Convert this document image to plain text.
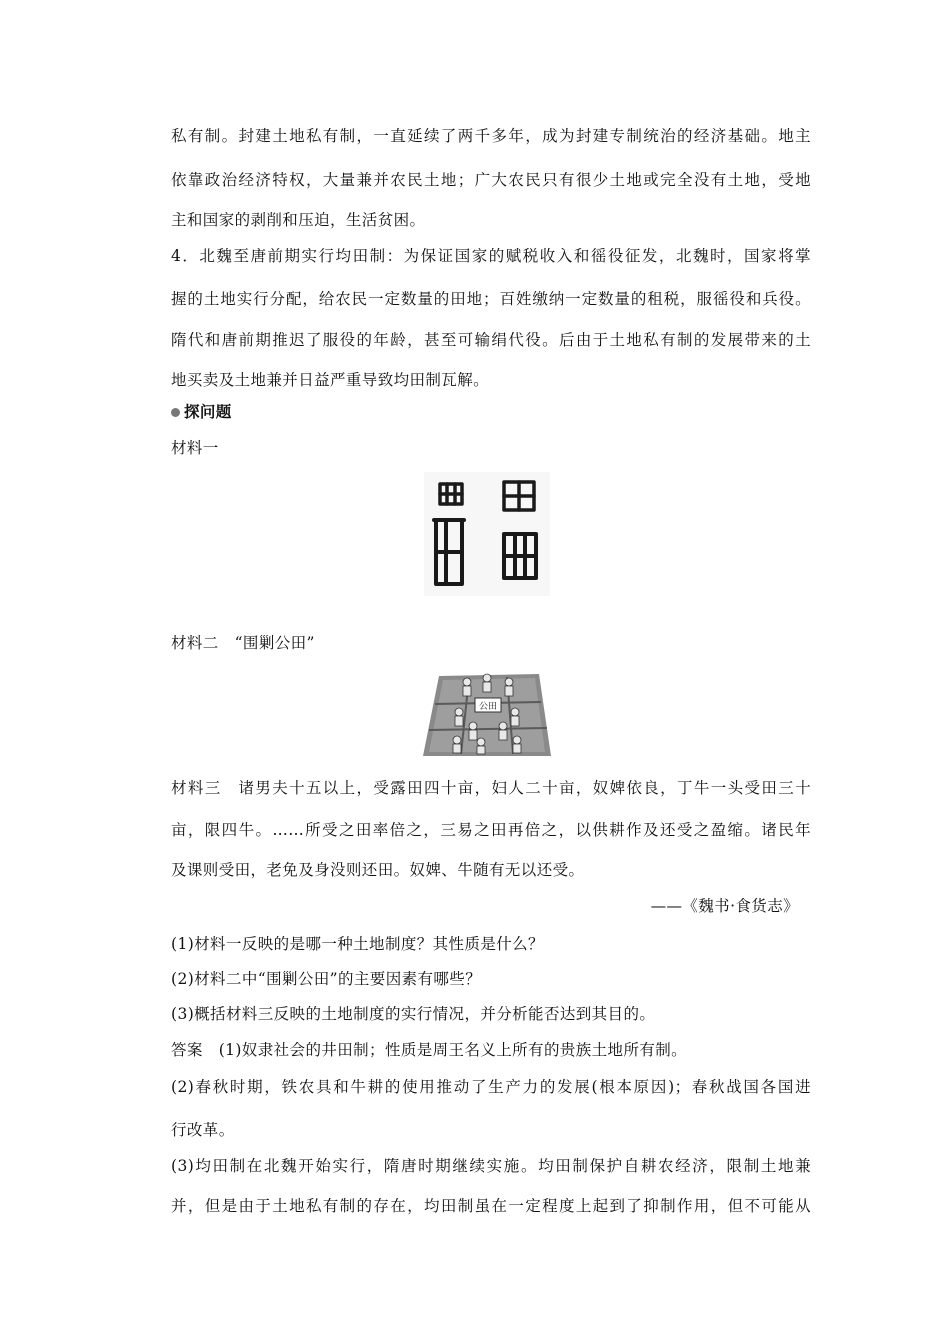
私有制。封建土地私有制，一直延续了两千多年，成为封建专制统治的经济基础。地主
依靠政治经济特权，大量兼并农民土地；广大农民只有很少土地或完全没有土地，受地
主和国家的剥削和压迫，生活贫困。
4．北魏至唐前期实行均田制：为保证国家的赋税收入和徭役征发，北魏时，国家将掌
握的土地实行分配，给农民一定数量的田地；百姓缴纳一定数量的租税，服徭役和兵役。
隋代和唐前期推迟了服役的年龄，甚至可输绢代役。后由于土地私有制的发展带来的土
地买卖及土地兼并日益严重导致均田制瓦解。
探问题
材料一
材料二　“围剿公田”
公田
材料三　诸男夫十五以上，受露田四十亩，妇人二十亩，奴婢依良，丁牛一头受田三十
亩，限四牛。……所受之田率倍之，三易之田再倍之，以供耕作及还受之盈缩。诸民年
及课则受田，老免及身没则还田。奴婢、牛随有无以还受。
——《魏书·食货志》
(1)材料一反映的是哪一种土地制度？其性质是什么？
(2)材料二中“围剿公田”的主要因素有哪些？
(3)概括材料三反映的土地制度的实行情况，并分析能否达到其目的。
答案　(1)奴隶社会的井田制；性质是周王名义上所有的贵族土地所有制。
(2)春秋时期，铁农具和牛耕的使用推动了生产力的发展(根本原因)；春秋战国各国进
行改革。
(3)均田制在北魏开始实行，隋唐时期继续实施。均田制保护自耕农经济，限制土地兼
并，但是由于土地私有制的存在，均田制虽在一定程度上起到了抑制作用，但不可能从
